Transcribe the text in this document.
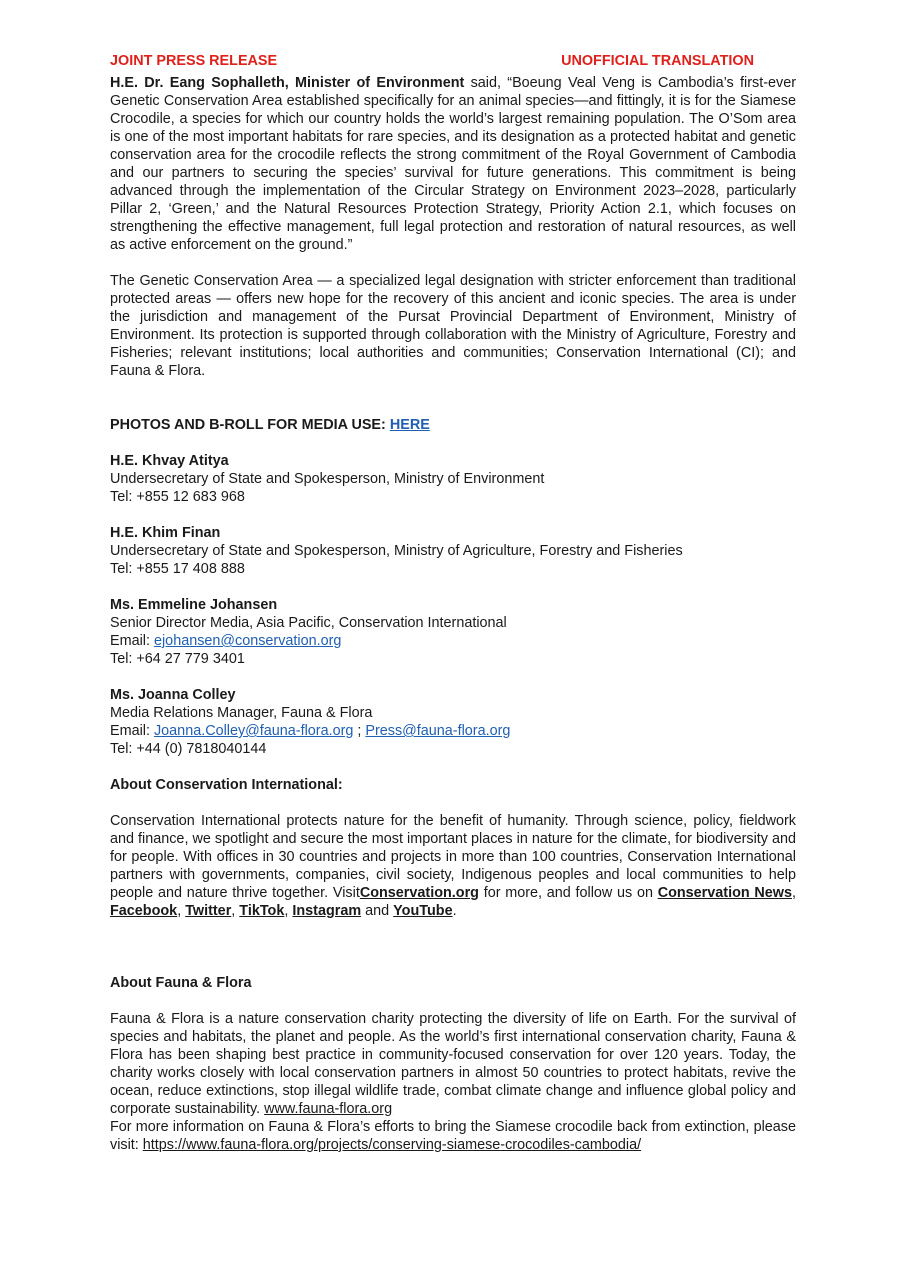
JOINT PRESS RELEASE	UNOFFICIAL TRANSLATION

H.E. Dr. Eang Sophalleth, Minister of Environment said, “Boeung Veal Veng is Cambodia’s first-ever Genetic Conservation Area established specifically for an animal species—and fittingly, it is for the Siamese Crocodile, a species for which our country holds the world’s largest remaining population. The O’Som area is one of the most important habitats for rare species, and its designation as a protected habitat and genetic conservation area for the crocodile reflects the strong commitment of the Royal Government of Cambodia and our partners to securing the species’ survival for future generations. This commitment is being advanced through the implementation of the Circular Strategy on Environment 2023–2028, particularly Pillar 2, ‘Green,’ and the Natural Resources Protection Strategy, Priority Action 2.1, which focuses on strengthening the effective management, full legal protection and restoration of natural resources, as well as active enforcement on the ground.”

The Genetic Conservation Area — a specialized legal designation with stricter enforcement than traditional protected areas — offers new hope for the recovery of this ancient and iconic species. The area is under the jurisdiction and management of the Pursat Provincial Department of Environment, Ministry of Environment. Its protection is supported through collaboration with the Ministry of Agriculture, Forestry and Fisheries; relevant institutions; local authorities and communities; Conservation International (CI); and Fauna & Flora.

PHOTOS AND B-ROLL FOR MEDIA USE: HERE

H.E. Khvay Atitya
Undersecretary of State and Spokesperson, Ministry of Environment
Tel: +855 12 683 968
H.E. Khim Finan
Undersecretary of State and Spokesperson, Ministry of Agriculture, Forestry and Fisheries
Tel: +855 17 408 888
Ms. Emmeline Johansen
Senior Director Media, Asia Pacific, Conservation International
Email: ejohansen@conservation.org
Tel: +64 27 779 3401
Ms. Joanna Colley
Media Relations Manager, Fauna & Flora
Email: Joanna.Colley@fauna-flora.org ; Press@fauna-flora.org
Tel: +44 (0) 7818040144
About Conservation International:

Conservation International protects nature for the benefit of humanity. Through science, policy, fieldwork and finance, we spotlight and secure the most important places in nature for the climate, for biodiversity and for people. With offices in 30 countries and projects in more than 100 countries, Conservation International partners with governments, companies, civil society, Indigenous peoples and local communities to help people and nature thrive together. VisitConservation.org for more, and follow us on Conservation News, Facebook, Twitter, TikTok, Instagram and YouTube.

About Fauna & Flora

Fauna & Flora is a nature conservation charity protecting the diversity of life on Earth. For the survival of species and habitats, the planet and people. As the world’s first international conservation charity, Fauna & Flora has been shaping best practice in community-focused conservation for over 120 years. Today, the charity works closely with local conservation partners in almost 50 countries to protect habitats, revive the ocean, reduce extinctions, stop illegal wildlife trade, combat climate change and influence global policy and corporate sustainability. www.fauna-flora.org

For more information on Fauna & Flora’s efforts to bring the Siamese crocodile back from extinction, please visit: https://www.fauna-flora.org/projects/conserving-siamese-crocodiles-cambodia/
